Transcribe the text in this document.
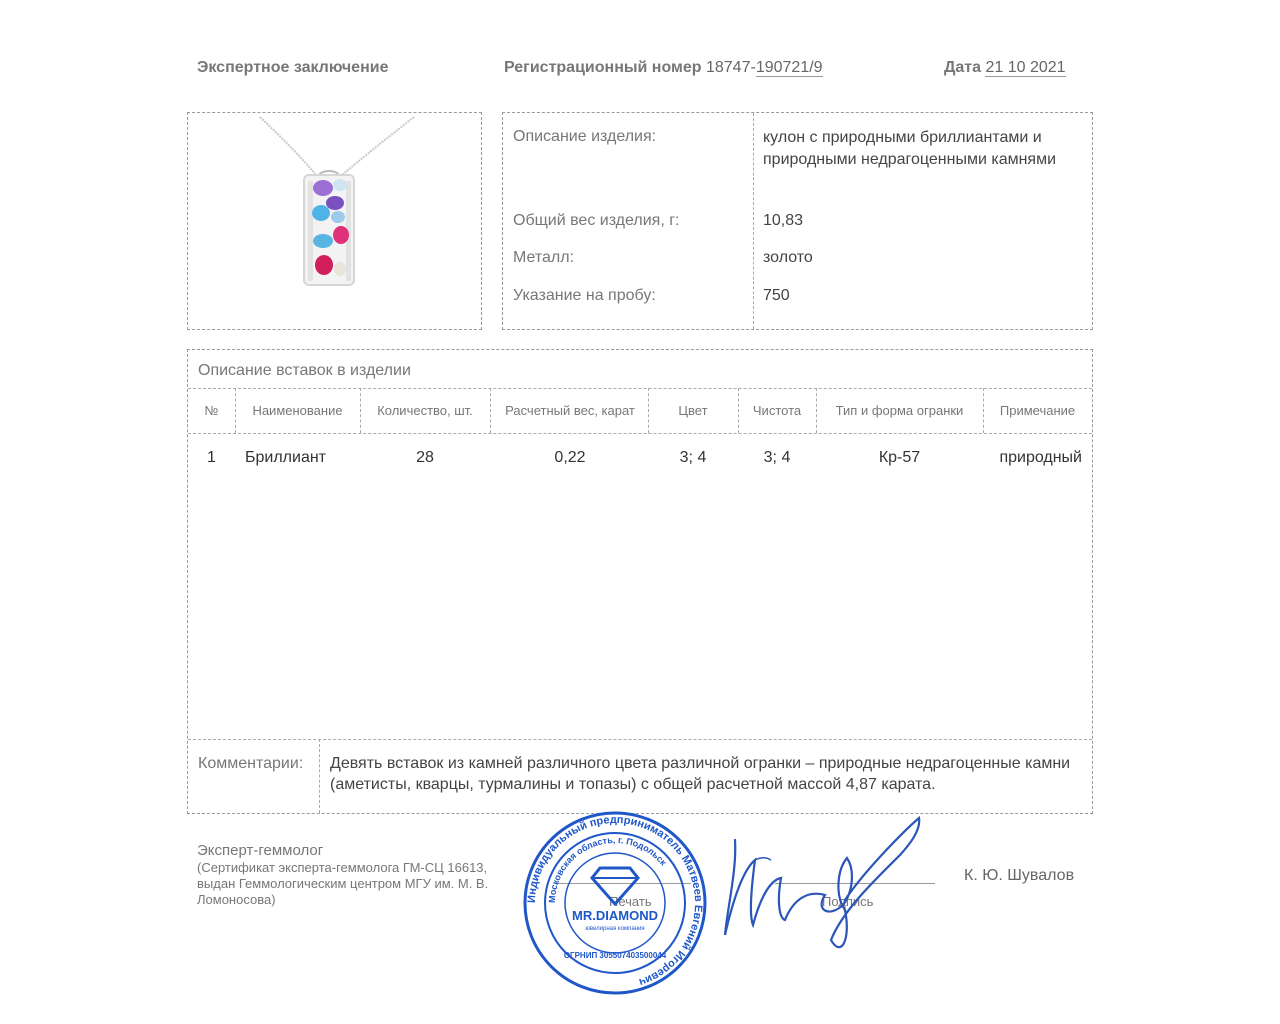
Экспертное заключение	Регистрационный номер 18747-190721/9	Дата 21 10 2021
Описание изделия:	кулон с природными бриллиантами и природными недрагоценными камнями
Общий вес изделия, г:	10,83
Металл:	золото
Указание на пробу:	750
Описание вставок в изделии
№	Наименование	Количество, шт.	Расчетный вес, карат	Цвет	Чистота	Тип и форма огранки	Примечание
1	Бриллиант	28	0,22	3; 4	3; 4	Кр-57	природный
Комментарии: Девять вставок из камней различного цвета различной огранки – природные недрагоценные камни (аметисты, кварцы, турмалины и топазы) с общей расчетной массой 4,87 карата.
Эксперт-геммолог
(Сертификат эксперта-геммолога ГМ-СЦ 16613, выдан Геммологическим центром МГУ им. М. В. Ломоносова)	Печать	Подпись
К. Ю. Шувалов
Индивидуальный предприниматель Матвеев Евгений Игоревич
Московская область, г. Подольск
MR.DIAMOND
ювелирная компания
ОГРНИП 305507403500044
